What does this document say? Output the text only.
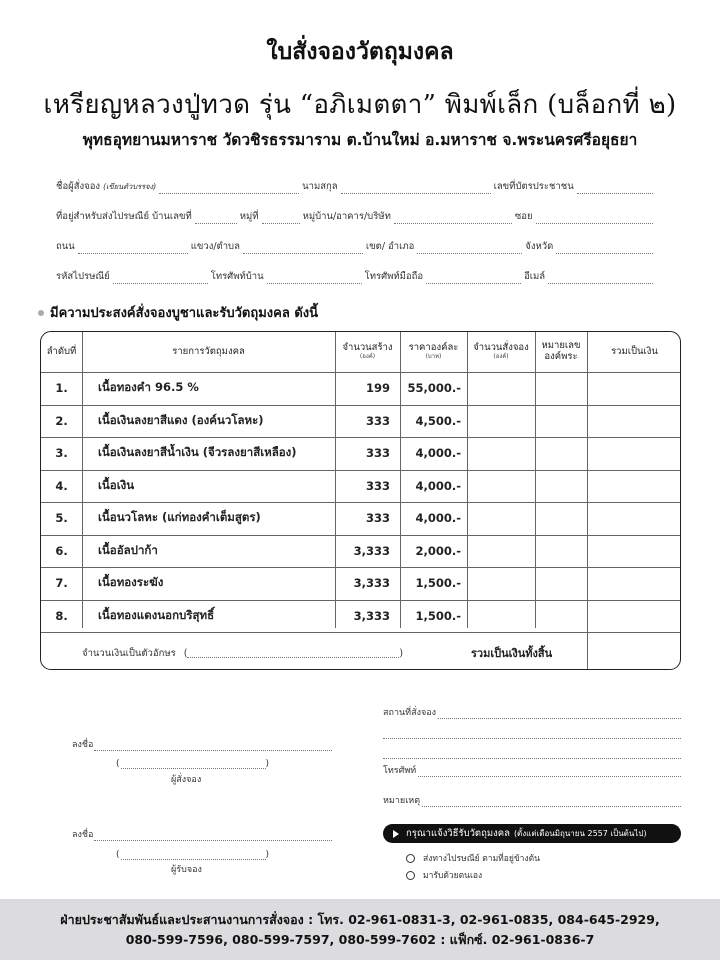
ใบสั่งจองวัตถุมงคล
เหรียญหลวงปู่ทวด รุ่น “อภิเมตตา” พิมพ์เล็ก (บล็อกที่ ๒)
พุทธอุทยานมหาราช วัดวชิรธรรมาราม ต.บ้านใหม่ อ.มหาราช จ.พระนครศรีอยุธยา
ชื่อผู้สั่งจอง (เขียนตัวบรรจง)	นามสกุล	เลขที่บัตรประชาชน
ที่อยู่สำหรับส่งไปรษณีย์ บ้านเลขที่	หมู่ที่	หมู่บ้าน/อาคาร/บริษัท	ซอย
ถนน	แขวง/ตำบล	เขต/ อำเภอ	จังหวัด
รหัสไปรษณีย์	โทรศัพท์บ้าน	โทรศัพท์มือถือ	อีเมล์
มีความประสงค์สั่งจองบูชาและรับวัตถุมงคล ดังนี้
ลำดับที่	รายการวัตถุมงคล	จำนวนสร้าง
(องค์)
ราคาองค์ละ
(บาท)
จำนวนสั่งจอง
(องค์)
หมายเลข
องค์พระ	รวมเป็นเงิน
1.	เนื้อทองคำ 96.5 %	199	55,000.-
2.	เนื้อเงินลงยาสีแดง (องค์นวโลหะ)	333	4,500.-
3.	เนื้อเงินลงยาสีน้ำเงิน (จีวรลงยาสีเหลือง)	333	4,000.-
4.	เนื้อเงิน	333	4,000.-
5.	เนื้อนวโลหะ (แก่ทองคำเต็มสูตร)	333	4,000.-
6.	เนื้ออัลปาก้า	3,333	2,000.-
7.	เนื้อทองระฆัง	3,333	1,500.-
8.	เนื้อทองแดงนอกบริสุทธิ์	3,333	1,500.-
จำนวนเงินเป็นตัวอักษร (	)	รวมเป็นเงินทั้งสิ้น
ลงชื่อ
(	)
ผู้สั่งจอง
ลงชื่อ
(	)
ผู้รับจอง
สถานที่สั่งจอง
โทรศัพท์
หมายเหตุ
กรุณาแจ้งวิธีรับวัตถุมงคล (ตั้งแต่เดือนมิถุนายน 2557 เป็นต้นไป)
ส่งทางไปรษณีย์ ตามที่อยู่ข้างต้น
มารับด้วยตนเอง
ฝ่ายประชาสัมพันธ์และประสานงานการสั่งจอง : โทร. 02-961-0831-3, 02-961-0835, 084-645-2929,
080-599-7596, 080-599-7597, 080-599-7602 : แฟ็กซ์. 02-961-0836-7
